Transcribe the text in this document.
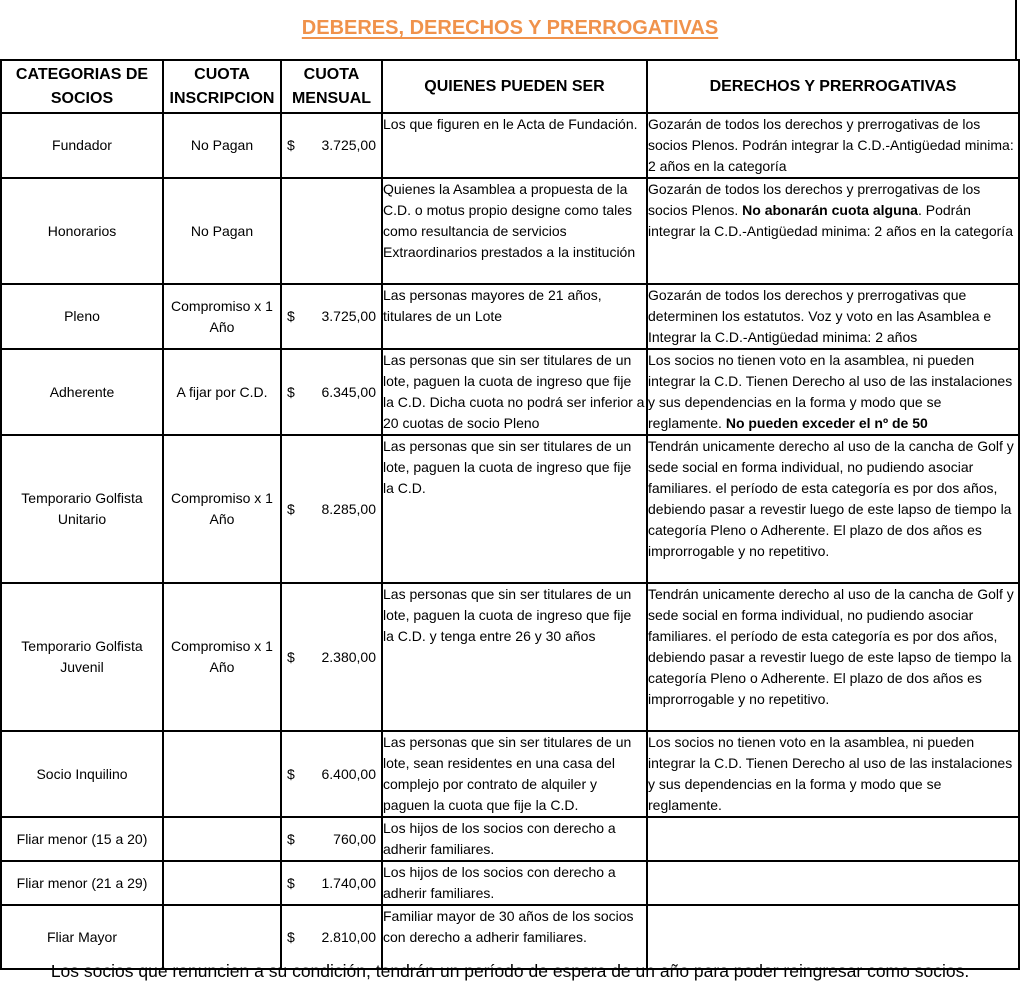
DEBERES, DERECHOS Y PRERROGATIVAS
CATEGORIAS DE SOCIOS	CUOTA INSCRIPCION	CUOTA MENSUAL	QUIENES PUEDEN SER	DERECHOS Y PRERROGATIVAS
Fundador	No Pagan	$ 3.725,00	Los que figuren en le Acta de Fundación.	Gozarán de todos los derechos y prerrogativas de los socios Plenos. Podrán integrar la C.D.-Antigüedad minima: 2 años en la categoría
Honorarios	No Pagan		Quienes la Asamblea a propuesta de la C.D. o motus propio designe como tales como resultancia de servicios Extraordinarios prestados a la institución	Gozarán de todos los derechos y prerrogativas de los socios Plenos. No abonarán cuota alguna. Podrán integrar la C.D.-Antigüedad minima: 2 años en la categoría
Pleno	Compromiso x 1 Año	$ 3.725,00	Las personas mayores de 21 años, titulares de un Lote	Gozarán de todos los derechos y prerrogativas que determinen los estatutos. Voz y voto en las Asamblea e Integrar la C.D.-Antigüedad minima: 2 años
Adherente	A fijar por C.D.	$ 6.345,00	Las personas que sin ser titulares de un lote, paguen la cuota de ingreso que fije la C.D. Dicha cuota no podrá ser inferior a 20 cuotas de socio Pleno	Los socios no tienen voto en la asamblea, ni pueden integrar la C.D. Tienen Derecho al uso de las instalaciones y sus dependencias en la forma y modo que se reglamente. No pueden exceder el nº de 50
Temporario Golfista Unitario	Compromiso x 1 Año	$ 8.285,00	Las personas que sin ser titulares de un lote, paguen la cuota de ingreso que fije la C.D.	Tendrán unicamente derecho al uso de la cancha de Golf y sede social en forma individual, no pudiendo asociar familiares. el período de esta categoría es por dos años, debiendo pasar a revestir luego de este lapso de tiempo la categoría Pleno o Adherente. El plazo de dos años es improrrogable y no repetitivo.
Temporario Golfista Juvenil	Compromiso x 1 Año	$ 2.380,00	Las personas que sin ser titulares de un lote, paguen la cuota de ingreso que fije la C.D. y tenga entre 26 y 30 años	Tendrán unicamente derecho al uso de la cancha de Golf y sede social en forma individual, no pudiendo asociar familiares. el período de esta categoría es por dos años, debiendo pasar a revestir luego de este lapso de tiempo la categoría Pleno o Adherente. El plazo de dos años es improrrogable y no repetitivo.
Socio Inquilino		$ 6.400,00	Las personas que sin ser titulares de un lote, sean residentes en una casa del complejo por contrato de alquiler y paguen la cuota que fije la C.D.	Los socios no tienen voto en la asamblea, ni pueden integrar la C.D. Tienen Derecho al uso de las instalaciones y sus dependencias en la forma y modo que se reglamente.
Fliar menor (15 a 20)		$ 760,00	Los hijos de los socios con derecho a adherir familiares.	
Fliar menor (21 a 29)		$ 1.740,00	Los hijos de los socios con derecho a adherir familiares.	
Fliar Mayor		$ 2.810,00	Familiar mayor de 30 años de los socios con derecho a adherir familiares.	
Los socios que renuncien a su condición, tendrán un período de espera de un año para poder reingresar como socios.
